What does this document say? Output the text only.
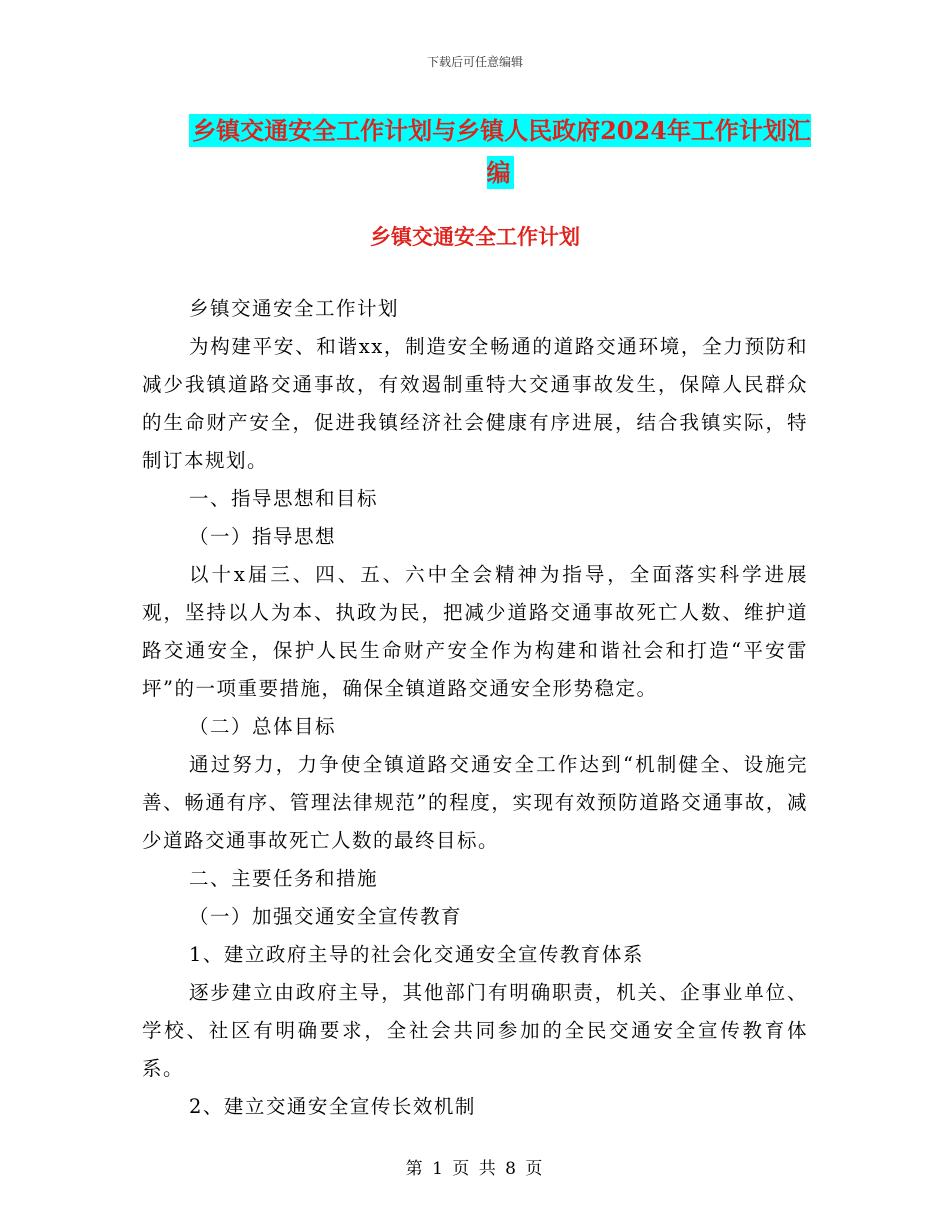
下载后可任意编辑
乡镇交通安全工作计划与乡镇人民政府2024年工作计划汇编
乡镇交通安全工作计划

乡镇交通安全工作计划

为构建平安、和谐xx，制造安全畅通的道路交通环境，全力预防和减少我镇道路交通事故，有效遏制重特大交通事故发生，保障人民群众的生命财产安全，促进我镇经济社会健康有序进展，结合我镇实际，特制订本规划。

一、指导思想和目标

（一）指导思想

以十x届三、四、五、六中全会精神为指导，全面落实科学进展观，坚持以人为本、执政为民，把减少道路交通事故死亡人数、维护道路交通安全，保护人民生命财产安全作为构建和谐社会和打造“平安雷坪”的一项重要措施，确保全镇道路交通安全形势稳定。

（二）总体目标

通过努力，力争使全镇道路交通安全工作达到“机制健全、设施完善、畅通有序、管理法律规范”的程度，实现有效预防道路交通事故，减少道路交通事故死亡人数的最终目标。

二、主要任务和措施

（一）加强交通安全宣传教育

1、建立政府主导的社会化交通安全宣传教育体系

逐步建立由政府主导，其他部门有明确职责，机关、企事业单位、学校、社区有明确要求，全社会共同参加的全民交通安全宣传教育体系。

2、建立交通安全宣传长效机制

第 1 页 共 8 页
